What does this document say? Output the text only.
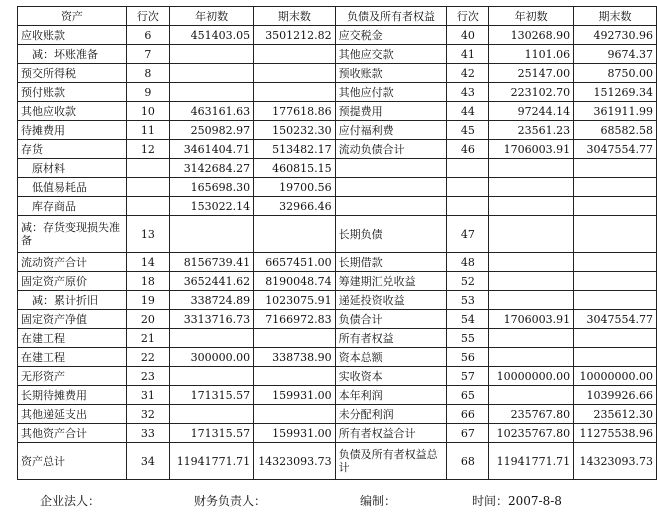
资产	行次	年初数	期末数	负债及所有者权益	行次	年初数	期末数
应收账款	6	451403.05	3501212.82	应交税金	40	130268.90	492730.96
减：坏账准备	7			其他应交款	41	1101.06	9674.37
预交所得税	8			预收账款	42	25147.00	8750.00
预付账款	9			其他应付款	43	223102.70	151269.34
其他应收款	10	463161.63	177618.86	预提费用	44	97244.14	361911.99
待摊费用	11	250982.97	150232.30	应付福利费	45	23561.23	68582.58
存货	12	3461404.71	513482.17	流动负债合计	46	1706003.91	3047554.77
原材料		3142684.27	460815.15				
低值易耗品		165698.30	19700.56				
库存商品		153022.14	32966.46				
减：存货变现损失准备	13			长期负债	47		
流动资产合计	14	8156739.41	6657451.00	长期借款	48		
固定资产原价	18	3652441.62	8190048.74	筹建期汇兑收益	52		
减：累计折旧	19	338724.89	1023075.91	递延投资收益	53		
固定资产净值	20	3313716.73	7166972.83	负债合计	54	1706003.91	3047554.77
在建工程	21			所有者权益	55		
在建工程	22	300000.00	338738.90	资本总额	56		
无形资产	23			实收资本	57	10000000.00	10000000.00
长期待摊费用	31	171315.57	159931.00	本年利润	65		1039926.66
其他递延支出	32			未分配利润	66	235767.80	235612.30
其他资产合计	33	171315.57	159931.00	所有者权益合计	67	10235767.80	11275538.96
资产总计	34	11941771.71	14323093.73	负债及所有者权益总计	68	11941771.71	14323093.73
企业法人：	财务负责人：	编制：	时间：2007-8-8
